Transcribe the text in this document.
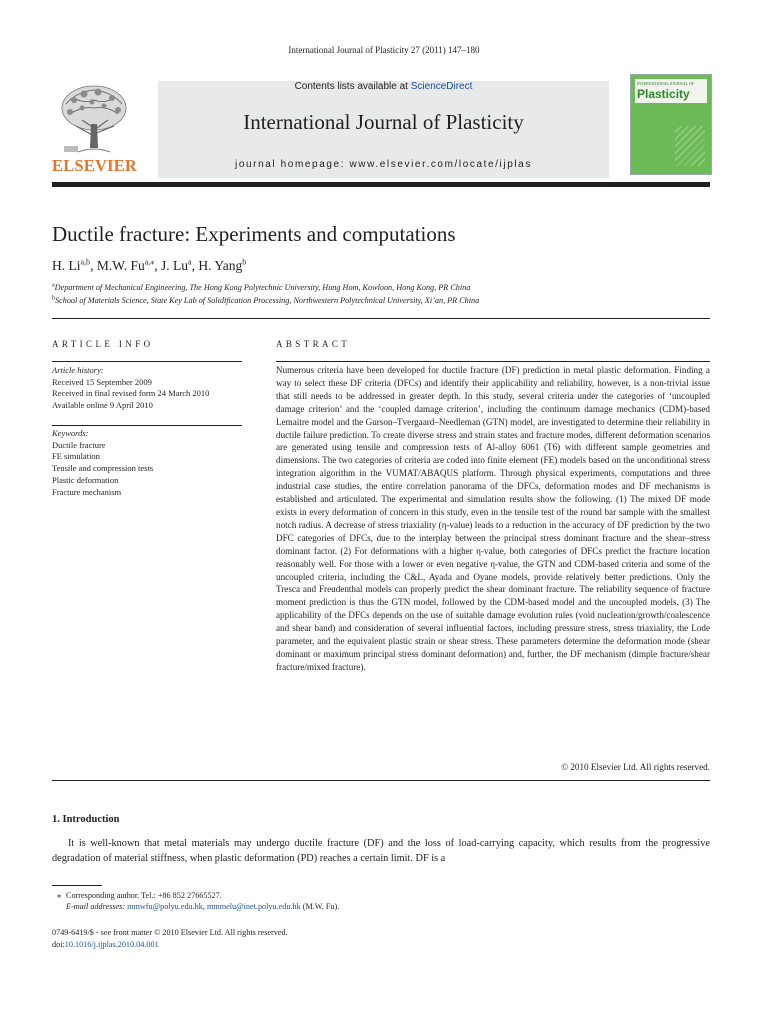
International Journal of Plasticity 27 (2011) 147–180
ELSEVIER
Contents lists available at ScienceDirect
International Journal of Plasticity
journal homepage: www.elsevier.com/locate/ijplas
INTERNATIONAL JOURNAL OF
Plasticity
Ductile fracture: Experiments and computations
H. Li$^{a,b}$, M.W. $Fu^{a,⁎}$, J. Lu$^a$, H. Yang$^b$
$^a$Department of Mechanical Engineering, The Hong Kong Polytechnic University, Hung Hom, Kowloon, Hong Kong, PR China
$^b$School of Materials Science, State Key Lab of Solidification Processing, Northwestern Polytechnical University, Xi’an, PR China
ARTICLE INFO
Article history:
Received 15 September 2009
Received in final revised form 24 March 2010
Available online 9 April 2010
Keywords:
Ductile fracture
FE simulation
Tensile and compression tests
Plastic deformation
Fracture mechanism
ABSTRACT
Numerous criteria have been developed for ductile fracture (DF) prediction in metal plastic deformation. Finding a way to select these DF criteria (DFCs) and identify their applicability and reliability, however, is a non-trivial issue that still needs to be addressed in greater depth. In this study, several criteria under the categories of ‘uncoupled damage criterion’ and the ‘coupled damage criterion’, including the continuum damage mechanics (CDM)-based Lemaitre model and the Gurson–Tvergaard–Needleman (GTN) model, are investigated to determine their reliability in ductile failure prediction. To create diverse stress and strain states and fracture modes, different deformation scenarios are generated using tensile and compression tests of Al-alloy 6061 (T6) with different sample geometries and dimensions. The two categories of criteria are coded into finite element (FE) models based on the unconditional stress integration algorithm in the VUMAT/ABAQUS platform. Through physical experiments, computations and three industrial case studies, the entire correlation panorama of the DFCs, deformation modes and DF mechanisms is established and articulated. The experimental and simulation results show the following. (1) The mixed DF mode exists in every deformation of concern in this study, even in the tensile test of the round bar sample with the smallest notch radius. A decrease of stress triaxiality (η-value) leads to a reduction in the accuracy of DF prediction by the two DFC categories of DFCs, due to the interplay between the principal stress dominant fracture and the shear–stress dominant factor. (2) For deformations with a higher η-value, both categories of DFCs predict the fracture location reasonably well. For those with a lower or even negative η-value, the GTN and CDM-based criteria and some of the uncoupled criteria, including the C&L, Ayada and Oyane models, provide relatively better predictions. Only the Tresca and Freudenthal models can properly predict the shear dominant fracture. The reliability sequence of fracture moment prediction is thus the GTN model, followed by the CDM-based model and the uncoupled models. (3) The applicability of the DFCs depends on the use of suitable damage evolution rules (void nucleation/growth/coalescence and shear band) and consideration of several influential factors, including pressure stress, stress triaxiality, the Lode parameter, and the equivalent plastic strain or shear stress. These parameters determine the deformation mode (shear dominant or maximum principal stress dominant deformation) and, further, the DF mechanism (dimple fracture/shear fracture/mixed fracture).
© 2010 Elsevier Ltd. All rights reserved.
1. Introduction
It is well-known that metal materials may undergo ductile fracture (DF) and the loss of load-carrying capacity, which results from the progressive degradation of material stiffness, when plastic deformation (PD) reaches a certain limit. DF is a
⁎ Corresponding author. Tel.: +86 852 27665527.
E-mail addresses: mmwfu@polyu.edu.hk, mmmelu@inet.polyu.edu.hk (M.W. Fu).
0749-6419/$ - see front matter © 2010 Elsevier Ltd. All rights reserved.
doi:10.1016/j.ijplas.2010.04.001
